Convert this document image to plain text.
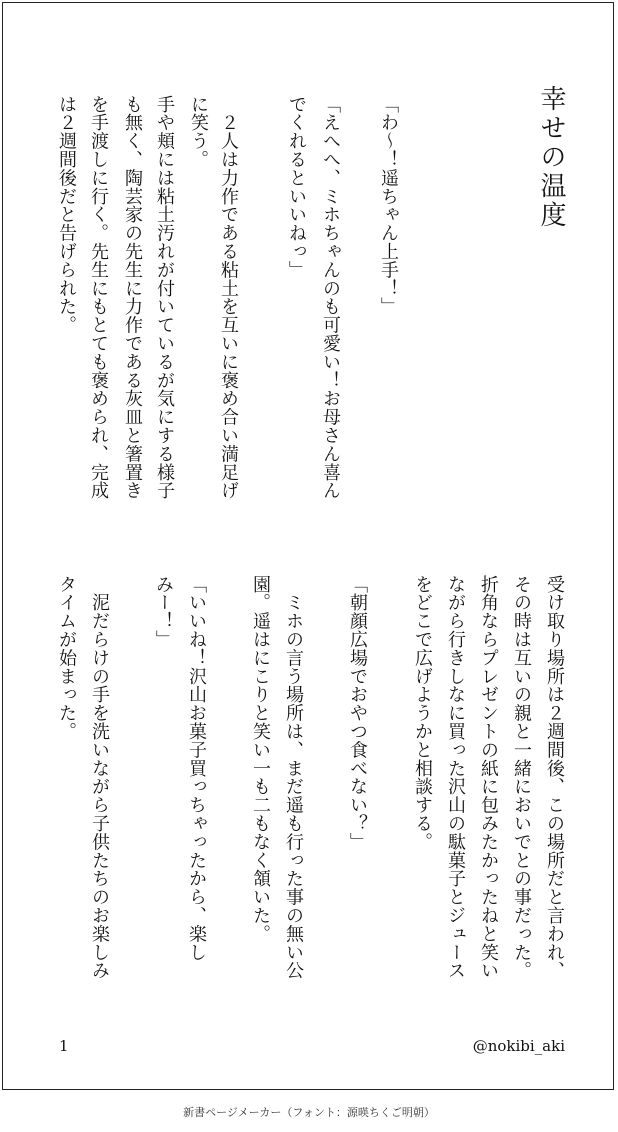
幸せの温度
「わ〜！遥ちゃん上手！」
「えへへ、ミホちゃんのも可愛い！お母さん喜ん
でくれるといいねっ」
　２人は力作である粘土を互いに褒め合い満足げ
に笑う。
手や頬には粘土汚れが付いているが気にする様子
も無く、陶芸家の先生に力作である灰皿と箸置き
を手渡しに行く。先生にもとても褒められ、完成
は２週間後だと告げられた。
受け取り場所は２週間後、この場所だと言われ、
その時は互いの親と一緒においでとの事だった。
折角ならプレゼントの紙に包みたかったねと笑い
ながら行きしなに買った沢山の駄菓子とジュース
をどこで広げようかと相談する。
「朝顔広場でおやつ食べない？」
　ミホの言う場所は、まだ遥も行った事の無い公
園。遥はにこりと笑い一も二もなく頷いた。
「いいね！沢山お菓子買っちゃったから、楽し
みー！」
　泥だらけの手を洗いながら子供たちのお楽しみ
タイムが始まった。
1	@nokibi_aki
新書ページメーカー（フォント：源暎ちくご明朝）
